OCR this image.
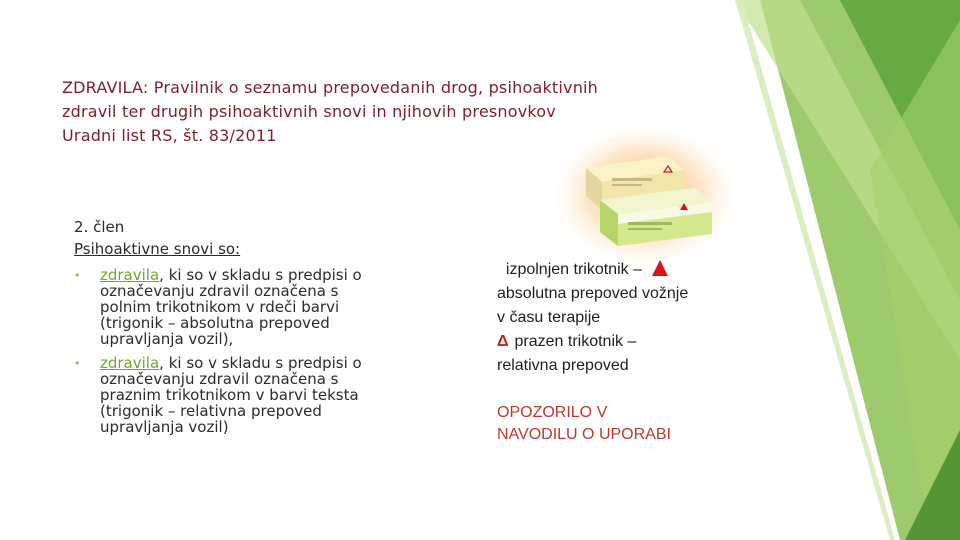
ZDRAVILA: Pravilnik o seznamu prepovedanih drog, psihoaktivnih
zdravil ter drugih psihoaktivnih snovi in njihovih presnovkov
Uradni list RS, št. 83/2011

2. člen

Psihoaktivne snovi so:

• zdravila, ki so v skladu s predpisi o
označevanju zdravil označena s
polnim trikotnikom v rdeči barvi
(trigonik – absolutna prepoved
upravljanja vozil),
• zdravila, ki so v skladu s predpisi o
označevanju zdravil označena s
praznim trikotnikom v barvi teksta
(trigonik – relativna prepoved
upravljanja vozil)

izpolnjen trikotnik –

absolutna prepoved vožnje

v času terapije

Δ prazen trikotnik –

relativna prepoved

OPOZORILO V
NAVODILU O UPORABI
